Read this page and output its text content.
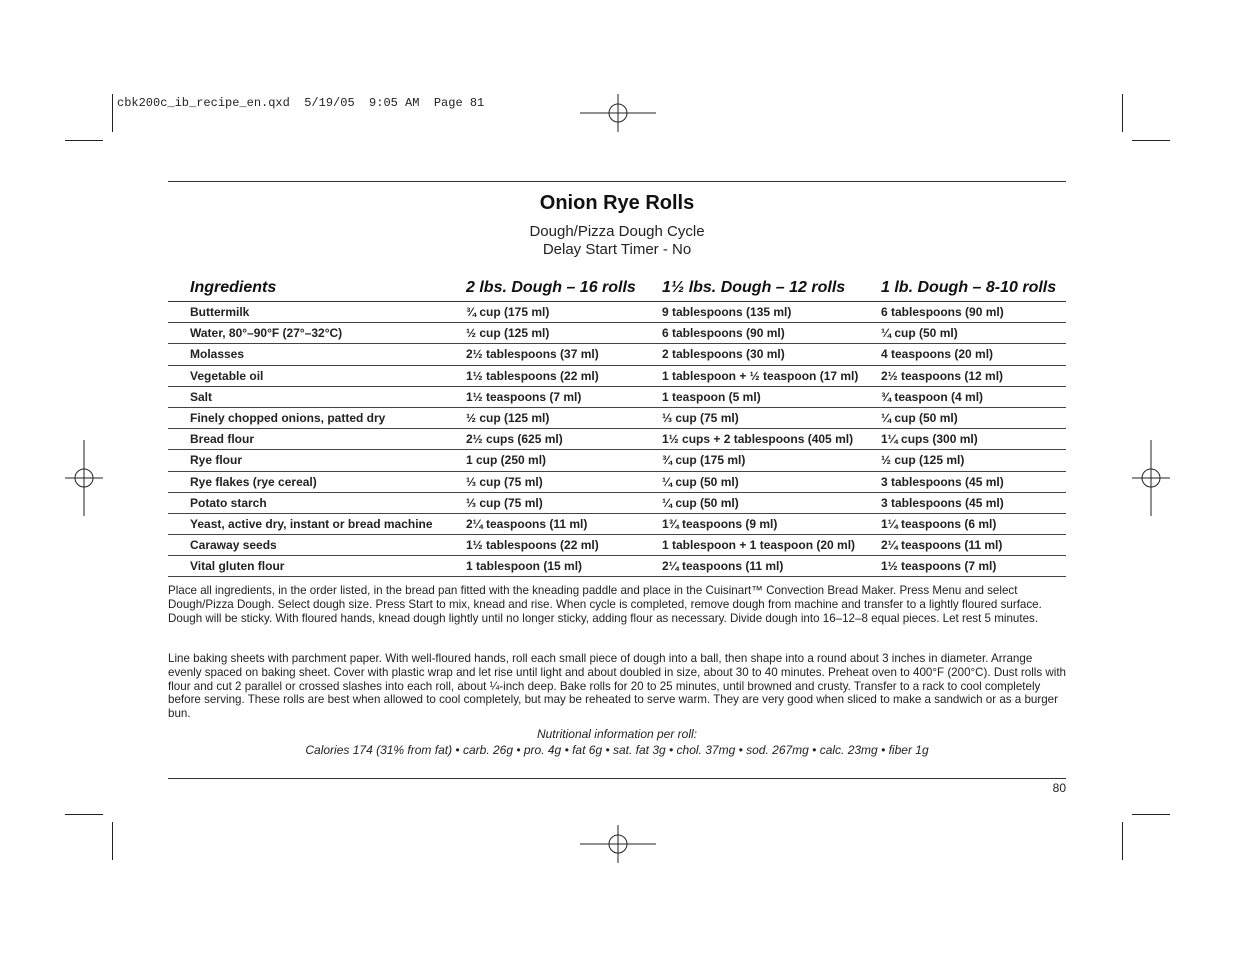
cbk200c_ib_recipe_en.qxd  5/19/05  9:05 AM  Page 81
Onion Rye Rolls
Dough/Pizza Dough Cycle
Delay Start Timer - No
Ingredients	2 lbs. Dough – 16 rolls	1½ lbs. Dough – 12 rolls	1 lb. Dough – 8-10 rolls
Buttermilk	¾ cup (175 ml)	9 tablespoons (135 ml)	6 tablespoons (90 ml)
Water, 80°–90°F (27°–32°C)	½ cup (125 ml)	6 tablespoons (90 ml)	¼ cup (50 ml)
Molasses	2½ tablespoons (37 ml)	2 tablespoons (30 ml)	4 teaspoons (20 ml)
Vegetable oil	1½ tablespoons (22 ml)	1 tablespoon + ½ teaspoon (17 ml)	2½ teaspoons (12 ml)
Salt	1½ teaspoons (7 ml)	1 teaspoon (5 ml)	¾ teaspoon (4 ml)
Finely chopped onions, patted dry	½ cup (125 ml)	⅓ cup (75 ml)	¼ cup (50 ml)
Bread flour	2½ cups (625 ml)	1½ cups + 2 tablespoons (405 ml)	1¼ cups (300 ml)
Rye flour	1 cup (250 ml)	¾ cup (175 ml)	½ cup (125 ml)
Rye flakes (rye cereal)	⅓ cup (75 ml)	¼ cup (50 ml)	3 tablespoons (45 ml)
Potato starch	⅓ cup (75 ml)	¼ cup (50 ml)	3 tablespoons (45 ml)
Yeast, active dry, instant or bread machine	2¼ teaspoons (11 ml)	1¾ teaspoons (9 ml)	1¼ teaspoons (6 ml)
Caraway seeds	1½ tablespoons (22 ml)	1 tablespoon + 1 teaspoon (20 ml)	2¼ teaspoons (11 ml)
Vital gluten flour	1 tablespoon (15 ml)	2¼ teaspoons (11 ml)	1½ teaspoons (7 ml)

Place all ingredients, in the order listed, in the bread pan fitted with the kneading paddle and place in the Cuisinart™ Convection Bread Maker. Press Menu and select Dough/Pizza Dough. Select dough size. Press Start to mix, knead and rise. When cycle is completed, remove dough from machine and transfer to a lightly floured surface. Dough will be sticky. With floured hands, knead dough lightly until no longer sticky, adding flour as necessary. Divide dough into 16–12–8 equal pieces. Let rest 5 minutes.

Line baking sheets with parchment paper. With well-floured hands, roll each small piece of dough into a ball, then shape into a round about 3 inches in diameter. Arrange evenly spaced on baking sheet. Cover with plastic wrap and let rise until light and about doubled in size, about 30 to 40 minutes. Preheat oven to 400°F (200°C). Dust rolls with flour and cut 2 parallel or crossed slashes into each roll, about ¼-inch deep. Bake rolls for 20 to 25 minutes, until browned and crusty. Transfer to a rack to cool completely before serving. These rolls are best when allowed to cool completely, but may be reheated to serve warm. They are very good when sliced to make a sandwich or as a burger bun.

Nutritional information per roll:
Calories 174 (31% from fat) • carb. 26g • pro. 4g • fat 6g • sat. fat 3g • chol. 37mg • sod. 267mg • calc. 23mg • fiber 1g
80
